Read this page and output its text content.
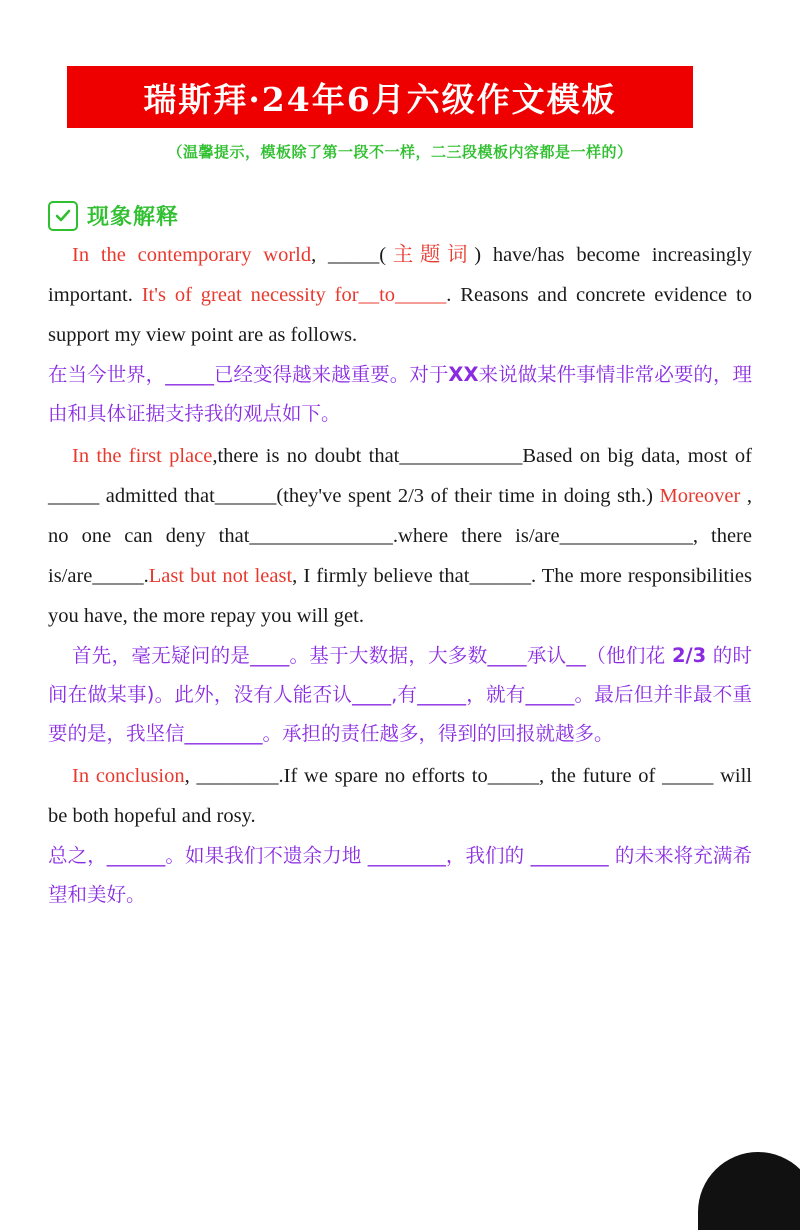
瑞斯拜·24年6月六级作文模板
（温馨提示，模板除了第一段不一样，二三段模板内容都是一样的）
现象解释

In the contemporary world, _____(主题词) have/has become increasingly important. It's of great necessity for__to_____. Reasons and concrete evidence to support my view point are as follows.

在当今世界，_____已经变得越来越重要。对于XX来说做某件事情非常必要的，理由和具体证据支持我的观点如下。

In the first place,there is no doubt that____________Based on big data, most of _____ admitted that______(they've spent 2/3 of their time in doing sth.) Moreover , no one can deny that______________.where there is/are_____________, there is/are_____.Last but not least, I firmly believe that______. The more responsibilities you have, the more repay you will get.

首先，毫无疑问的是____。基于大数据，大多数____承认__（他们花 2/3 的时间在做某事)。此外，没有人能否认____,有_____，就有_____。最后但并非最不重要的是，我坚信________。承担的责任越多，得到的回报就越多。

In conclusion, ________.If we spare no efforts to_____, the future of _____ will be both hopeful and rosy.

总之，______。如果我们不遗余力地 ________，我们的 ________ 的未来将充满希望和美好。
